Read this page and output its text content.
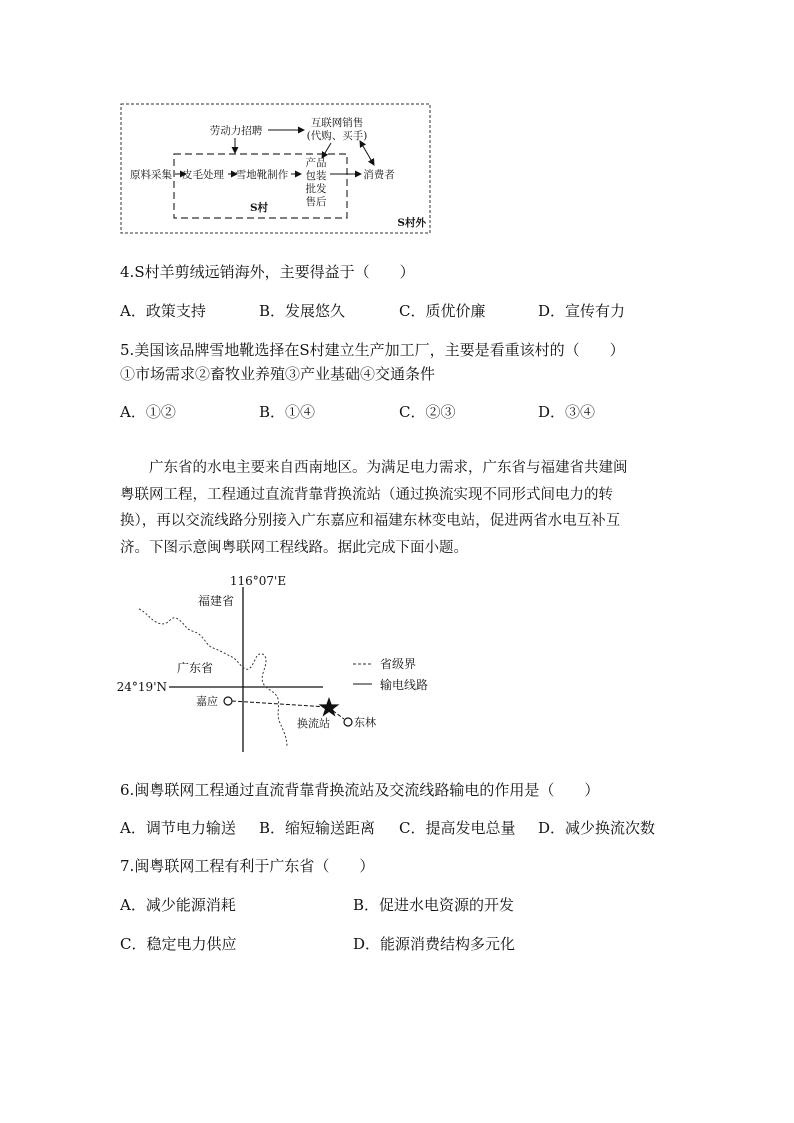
劳动力招聘
互联网销售
(代购、买手)
原料采集 皮毛处理 雪地靴制作
产品
包装
批发
售后
消费者
S村
S村外
4.S村羊剪绒远销海外，主要得益于（　　）
A．政策支持	B．发展悠久	C．质优价廉	D．宣传有力
5.美国该品牌雪地靴选择在S村建立生产加工厂，主要是看重该村的（　　）
①市场需求②畜牧业养殖③产业基础④交通条件
A．①②	B．①④	C．②③	D．③④
广东省的水电主要来自西南地区。为满足电力需求，广东省与福建省共建闽
粤联网工程，工程通过直流背靠背换流站（通过换流实现不同形式间电力的转
换），再以交流线路分别接入广东嘉应和福建东林变电站，促进两省水电互补互
济。下图示意闽粤联网工程线路。据此完成下面小题。
116°07'E
24°19'N
福建省
广东省
嘉应
换流站 东林
省级界
输电线路
6.闽粤联网工程通过直流背靠背换流站及交流线路输电的作用是（　　）
A．调节电力输送 B．缩短输送距离 C．提高发电总量 D．减少换流次数
7.闽粤联网工程有利于广东省（　　）
A．减少能源消耗	B．促进水电资源的开发
C．稳定电力供应	D．能源消费结构多元化
